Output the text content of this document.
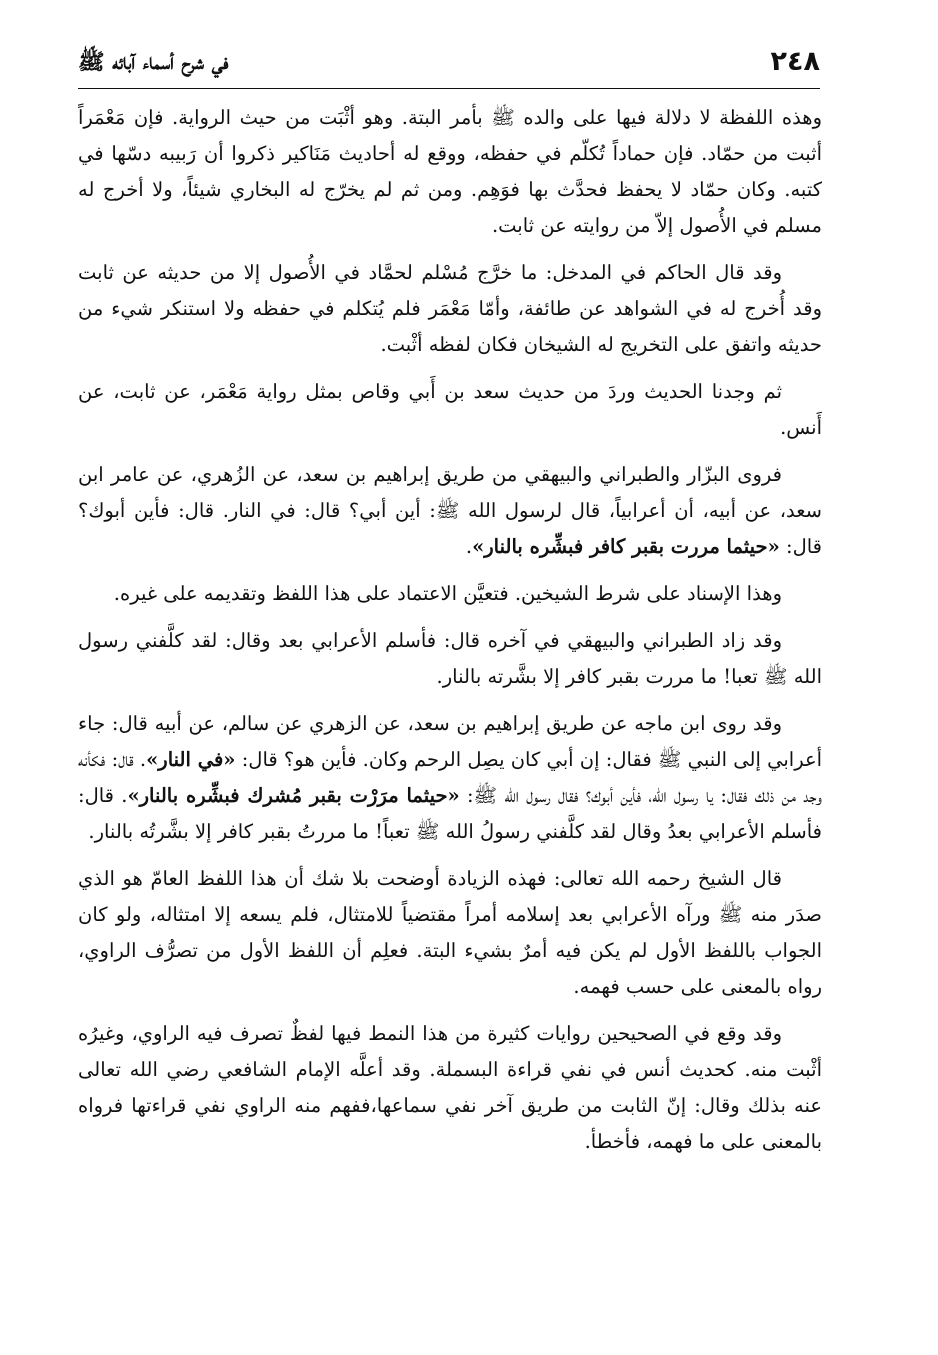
٢٤٨
في شرح أسماء آبائه ﷺ

وهذه اللفظة لا دلالة فيها على والده ﷺ بأمر البتة. وهو أثْبَت من حيث الرواية. فإن مَعْمَراً أثبت من حمّاد. فإن حماداً تُكلّم في حفظه، ووقع له أحاديث مَنَاكير ذكروا أن رَبيبه دسّها في كتبه. وكان حمّاد لا يحفظ فحدَّث بها فوَهِم. ومن ثم لم يخرّج له البخاري شيئاً، ولا أخرج له مسلم في الأُصول إلاّ من روايته عن ثابت.

وقد قال الحاكم في المدخل: ما خرَّج مُسْلم لحمَّاد في الأُصول إلا من حديثه عن ثابت وقد أُخرج له في الشواهد عن طائفة، وأمّا مَعْمَر فلم يُتكلم في حفظه ولا استنكر شيء من حديثه واتفق على التخريج له الشيخان فكان لفظه أثْبت.

ثم وجدنا الحديث وردَ من حديث سعد بن أَبي وقاص بمثل رواية مَعْمَر، عن ثابت، عن أَنس.

فروى البزّار والطبراني والبيهقي من طريق إبراهيم بن سعد، عن الزُهري، عن عامر ابن سعد، عن أبيه، أن أعرابياً، قال لرسول الله ﷺ: أين أبي؟ قال: في النار. قال: فأين أبوك؟ قال: «حيثما مررت بقبر كافر فبشِّره بالنار».

وهذا الإسناد على شرط الشيخين. فتعيَّن الاعتماد على هذا اللفظ وتقديمه على غيره.

وقد زاد الطبراني والبيهقي في آخره قال: فأسلم الأعرابي بعد وقال: لقد كلَّفني رسول الله ﷺ تعبا! ما مررت بقبر كافر إلا بشَّرته بالنار.

وقد روى ابن ماجه عن طريق إبراهيم بن سعد، عن الزهري عن سالم، عن أبيه قال: جاء أعرابي إلى النبي ﷺ فقال: إن أبي كان يصِل الرحم وكان. فأين هو؟ قال: «في النار». قال: فكأنه وجد من ذلك فقال: يا رسول الله، فأين أبوك؟ فقال رسول الله ﷺ: «حيثما مرَرْت بقبر مُشرك فبشِّره بالنار». قال: فأسلم الأعرابي بعدُ وقال لقد كلَّفني رسولُ الله ﷺ تعباً! ما مررتُ بقبر كافر إلا بشَّرتُه بالنار.

قال الشيخ رحمه الله تعالى: فهذه الزيادة أوضحت بلا شك أن هذا اللفظ العامّ هو الذي صدَر منه ﷺ ورآه الأعرابي بعد إسلامه أمراً مقتضياً للامتثال، فلم يسعه إلا امتثاله، ولو كان الجواب باللفظ الأول لم يكن فيه أمرٌ بشيء البتة. فعلِم أن اللفظ الأول من تصرُّف الراوي، رواه بالمعنى على حسب فهمه.

وقد وقع في الصحيحين روايات كثيرة من هذا النمط فيها لفظٌ تصرف فيه الراوي، وغيرُه أثْبت منه. كحديث أنس في نفي قراءة البسملة. وقد أعلَّه الإمام الشافعي رضي الله تعالى عنه بذلك وقال: إنّ الثابت من طريق آخر نفي سماعها،ففهم منه الراوي نفي قراءتها فرواه بالمعنى على ما فهمه، فأخطأ.
